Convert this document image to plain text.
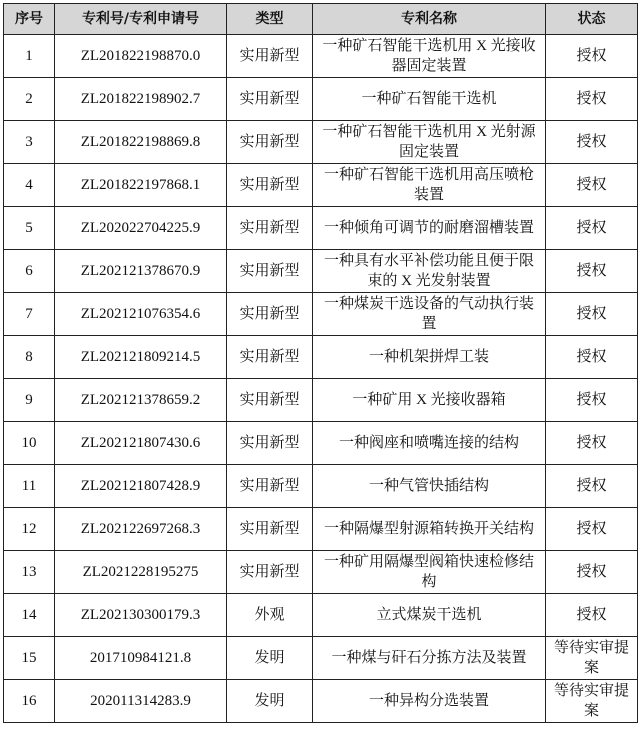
序号	专利号/专利申请号	类型	专利名称	状态
1	ZL201822198870.0	实用新型	一种矿石智能干选机用 X 光接收器固定装置	授权
2	ZL201822198902.7	实用新型	一种矿石智能干选机	授权
3	ZL201822198869.8	实用新型	一种矿石智能干选机用 X 光射源固定装置	授权
4	ZL201822197868.1	实用新型	一种矿石智能干选机用高压喷枪装置	授权
5	ZL202022704225.9	实用新型	一种倾角可调节的耐磨溜槽装置	授权
6	ZL202121378670.9	实用新型	一种具有水平补偿功能且便于限束的 X 光发射装置	授权
7	ZL202121076354.6	实用新型	一种煤炭干选设备的气动执行装置	授权
8	ZL202121809214.5	实用新型	一种机架拼焊工装	授权
9	ZL202121378659.2	实用新型	一种矿用 X 光接收器箱	授权
10	ZL202121807430.6	实用新型	一种阀座和喷嘴连接的结构	授权
11	ZL202121807428.9	实用新型	一种气管快插结构	授权
12	ZL202122697268.3	实用新型	一种隔爆型射源箱转换开关结构	授权
13	ZL2021228195275	实用新型	一种矿用隔爆型阀箱快速检修结构	授权
14	ZL202130300179.3	外观	立式煤炭干选机	授权
15	201710984121.8	发明	一种煤与矸石分拣方法及装置	等待实审提案
16	202011314283.9	发明	一种异构分选装置	等待实审提案
